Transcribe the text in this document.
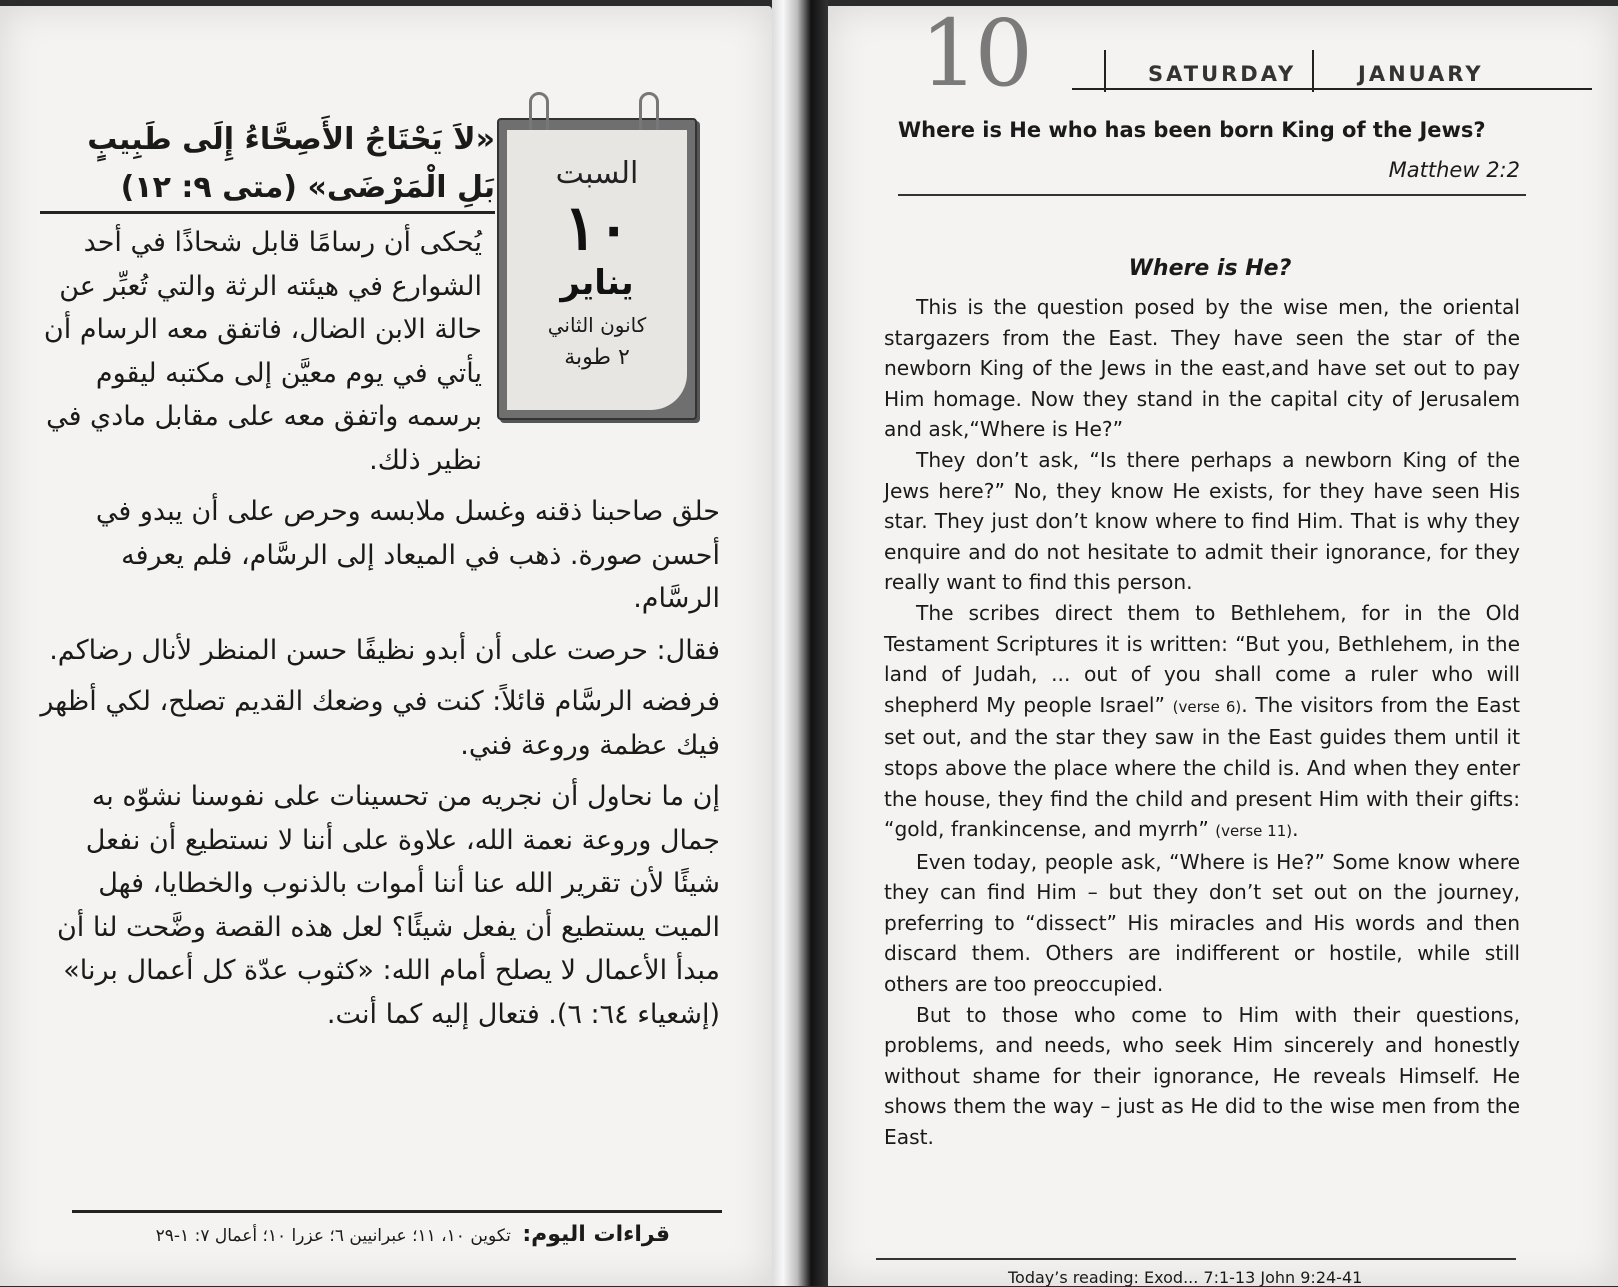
السبت
١٠
يناير
كانون الثاني
٢ طوبة
«لاَ يَحْتَاجُ الأَصِحَّاءُ إِلَى طَبِيبٍ بَلِ الْمَرْضَى» (متى ٩: ١٢)

يُحكى أن رسامًا قابل شحاذًا في أحد الشوارع في هيئته الرثة والتي تُعبِّر عن حالة الابن الضال، فاتفق معه الرسام أن يأتي في يوم معيَّن إلى مكتبه ليقوم برسمه واتفق معه على مقابل مادي في نظير ذلك.

حلق صاحبنا ذقنه وغسل ملابسه وحرص على أن يبدو في أحسن صورة. ذهب في الميعاد إلى الرسَّام، فلم يعرفه الرسَّام.

فقال: حرصت على أن أبدو نظيفًا حسن المنظر لأنال رضاكم.

فرفضه الرسَّام قائلاً: كنت في وضعك القديم تصلح، لكي أظهر فيك عظمة وروعة فني.

إن ما نحاول أن نجريه من تحسينات على نفوسنا نشوّه به جمال وروعة نعمة الله، علاوة على أننا لا نستطيع أن نفعل شيئًا لأن تقرير الله عنا أننا أموات بالذنوب والخطايا، فهل الميت يستطيع أن يفعل شيئًا؟ لعل هذه القصة وضَّحت لنا أن مبدأ الأعمال لا يصلح أمام الله: «كثوب عدّة كل أعمال برنا» (إشعياء ٦٤: ٦). فتعال إليه كما أنت.

قراءات اليوم: تكوين ١٠، ١١؛ عبرانيين ٦؛ عزرا ١٠؛ أعمال ٧: ١-٢٩
10	SATURDAY	JANUARY
Where is He who has been born King of the Jews?
Matthew 2:2
Where is He?

This is the question posed by the wise men, the oriental stargazers from the East. They have seen the star of the newborn King of the Jews in the east,and have set out to pay Him homage. Now they stand in the capital city of Jerusalem and ask,“Where is He?”

They don’t ask, “Is there perhaps a newborn King of the Jews here?” No, they know He exists, for they have seen His star. They just don’t know where to find Him. That is why they enquire and do not hesitate to admit their ignorance, for they really want to find this person.

The scribes direct them to Bethlehem, for in the Old Testament Scriptures it is written: “But you, Bethlehem, in the land of Judah, ... out of you shall come a ruler who will shepherd My people Israel” (verse 6). The visitors from the East set out, and the star they saw in the East guides them until it stops above the place where the child is. And when they enter the house, they find the child and present Him with their gifts: “gold, frankincense, and myrrh” (verse 11).

Even today, people ask, “Where is He?” Some know where they can find Him – but they don’t set out on the journey, preferring to “dissect” His miracles and His words and then discard them. Others are indifferent or hostile, while still others are too preoccupied.

But to those who come to Him with their questions, problems, and needs, who seek Him sincerely and honestly without shame for their ignorance, He reveals Himself. He shows them the way – just as He did to the wise men from the East.

Today’s reading: Exod... 7:1-13 John 9:24-41
